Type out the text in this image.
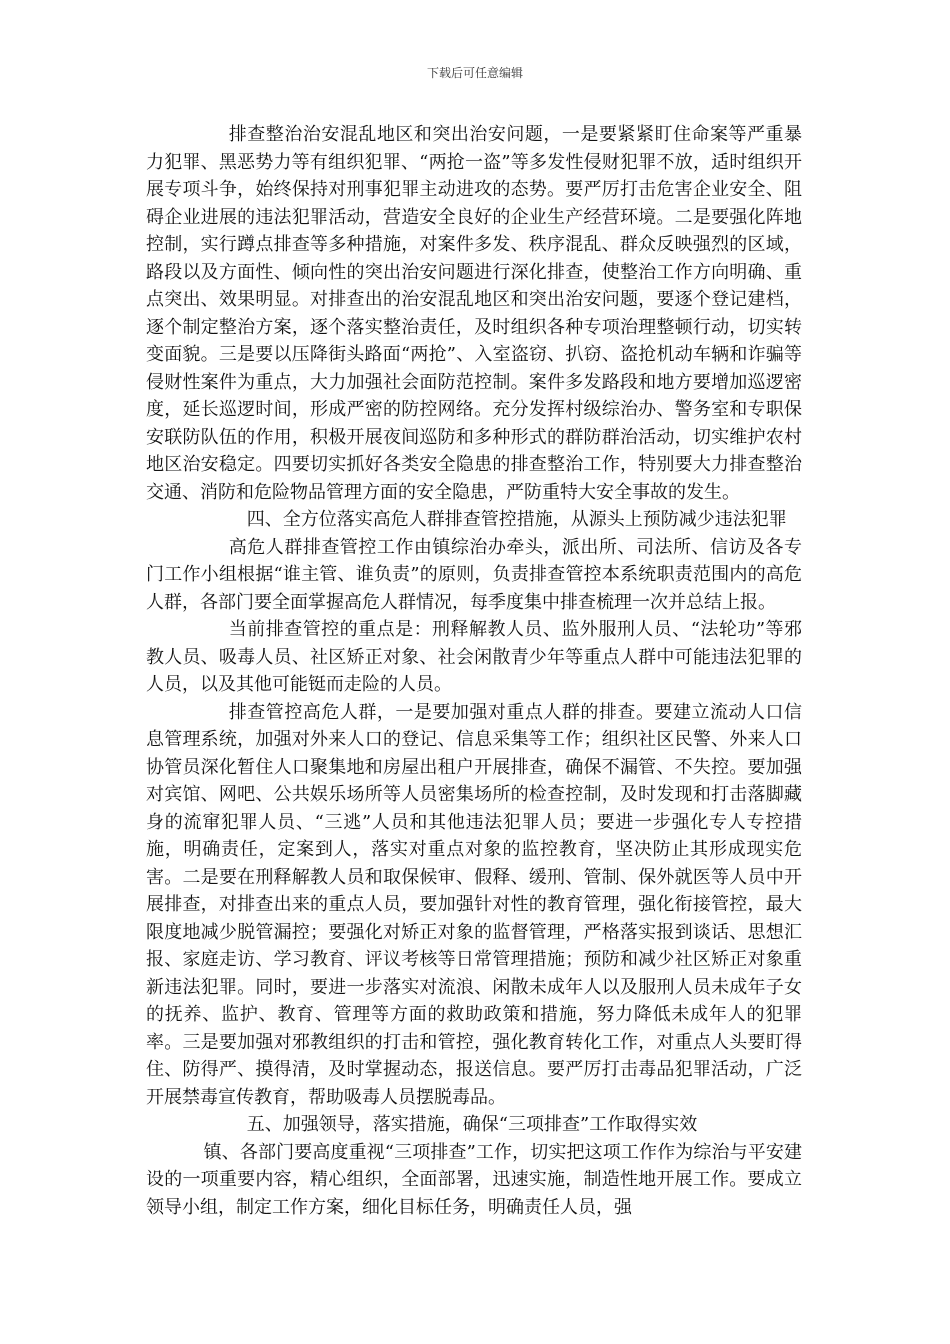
下载后可任意编辑

排查整治治安混乱地区和突出治安问题，一是要紧紧盯住命案等严重暴力犯罪、黑恶势力等有组织犯罪、“两抢一盗”等多发性侵财犯罪不放，适时组织开展专项斗争，始终保持对刑事犯罪主动进攻的态势。要严厉打击危害企业安全、阻碍企业进展的违法犯罪活动，营造安全良好的企业生产经营环境。二是要强化阵地控制，实行蹲点排查等多种措施，对案件多发、秩序混乱、群众反映强烈的区域，路段以及方面性、倾向性的突出治安问题进行深化排查，使整治工作方向明确、重点突出、效果明显。对排查出的治安混乱地区和突出治安问题，要逐个登记建档，逐个制定整治方案，逐个落实整治责任，及时组织各种专项治理整顿行动，切实转变面貌。三是要以压降街头路面“两抢”、入室盗窃、扒窃、盗抢机动车辆和诈骗等侵财性案件为重点，大力加强社会面防范控制。案件多发路段和地方要增加巡逻密度，延长巡逻时间，形成严密的防控网络。充分发挥村级综治办、警务室和专职保安联防队伍的作用，积极开展夜间巡防和多种形式的群防群治活动，切实维护农村地区治安稳定。四要切实抓好各类安全隐患的排查整治工作，特别要大力排查整治交通、消防和危险物品管理方面的安全隐患，严防重特大安全事故的发生。

四、全方位落实高危人群排查管控措施，从源头上预防减少违法犯罪

高危人群排查管控工作由镇综治办牵头，派出所、司法所、信访及各专门工作小组根据“谁主管、谁负责”的原则，负责排查管控本系统职责范围内的高危人群，各部门要全面掌握高危人群情况，每季度集中排查梳理一次并总结上报。

当前排查管控的重点是：刑释解教人员、监外服刑人员、“法轮功”等邪教人员、吸毒人员、社区矫正对象、社会闲散青少年等重点人群中可能违法犯罪的人员，以及其他可能铤而走险的人员。

排查管控高危人群，一是要加强对重点人群的排查。要建立流动人口信息管理系统，加强对外来人口的登记、信息采集等工作；组织社区民警、外来人口协管员深化暂住人口聚集地和房屋出租户开展排查，确保不漏管、不失控。要加强对宾馆、网吧、公共娱乐场所等人员密集场所的检查控制，及时发现和打击落脚藏身的流窜犯罪人员、“三逃”人员和其他违法犯罪人员；要进一步强化专人专控措施，明确责任，定案到人，落实对重点对象的监控教育，坚决防止其形成现实危害。二是要在刑释解教人员和取保候审、假释、缓刑、管制、保外就医等人员中开展排查，对排查出来的重点人员，要加强针对性的教育管理，强化衔接管控，最大限度地减少脱管漏控；要强化对矫正对象的监督管理，严格落实报到谈话、思想汇报、家庭走访、学习教育、评议考核等日常管理措施；预防和减少社区矫正对象重新违法犯罪。同时，要进一步落实对流浪、闲散未成年人以及服刑人员未成年子女的抚养、监护、教育、管理等方面的救助政策和措施，努力降低未成年人的犯罪率。三是要加强对邪教组织的打击和管控，强化教育转化工作，对重点人头要盯得住、防得严、摸得清，及时掌握动态，报送信息。要严厉打击毒品犯罪活动，广泛开展禁毒宣传教育，帮助吸毒人员摆脱毒品。

五、加强领导，落实措施，确保“三项排查”工作取得实效

镇、各部门要高度重视“三项排查”工作，切实把这项工作作为综治与平安建设的一项重要内容，精心组织，全面部署，迅速实施，制造性地开展工作。要成立领导小组，制定工作方案，细化目标任务，明确责任人员，强
